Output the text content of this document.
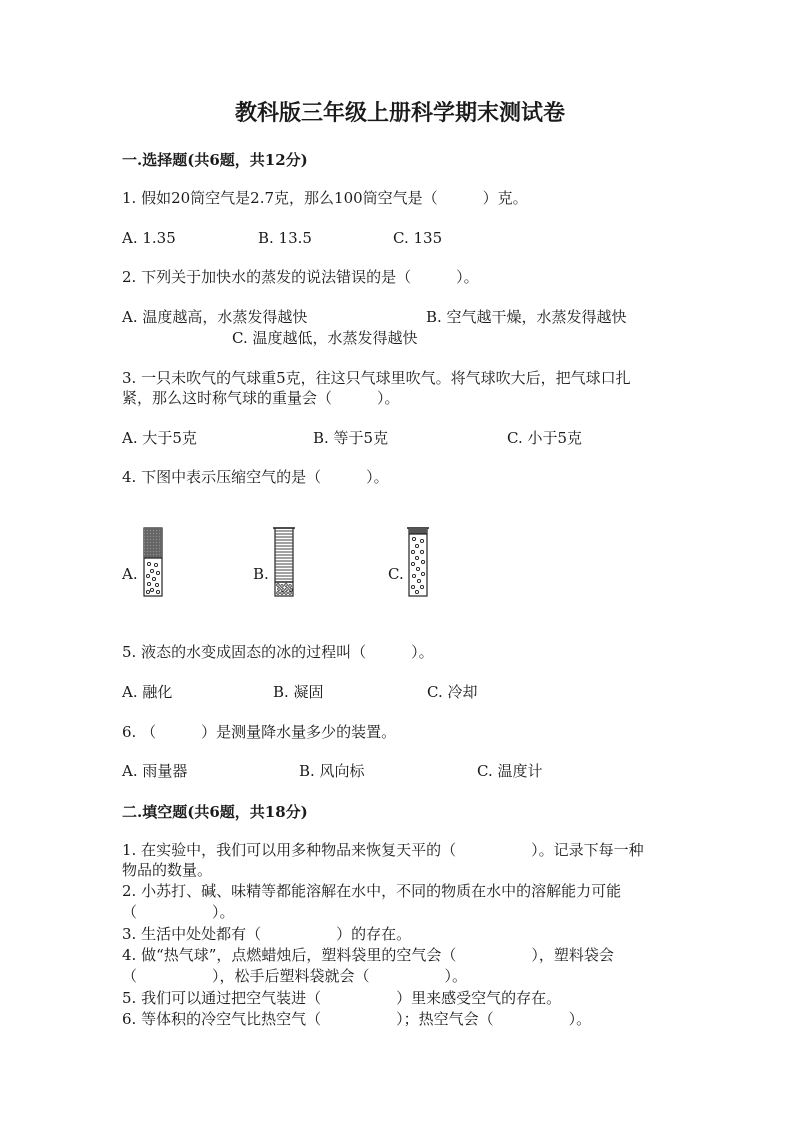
教科版三年级上册科学期末测试卷
一.选择题(共6题，共12分)
1. 假如20筒空气是2.7克，那么100筒空气是（　　　）克。
A. 1.35	B. 13.5	C. 135
2. 下列关于加快水的蒸发的说法错误的是（　　　）。
A. 温度越高，水蒸发得越快	B. 空气越干燥，水蒸发得越快
C. 温度越低，水蒸发得越快
3. 一只未吹气的气球重5克，往这只气球里吹气。将气球吹大后，把气球口扎
紧，那么这时称气球的重量会（　　　）。
A. 大于5克	B. 等于5克	C. 小于5克
4. 下图中表示压缩空气的是（　　　）。
A.	B.	C.
5. 液态的水变成固态的冰的过程叫（　　　）。
A. 融化	B. 凝固	C. 冷却
6. （　　　）是测量降水量多少的装置。
A. 雨量器	B. 风向标	C. 温度计
二.填空题(共6题，共18分)
1. 在实验中，我们可以用多种物品来恢复天平的（　　　　　）。记录下每一种
物品的数量。
2. 小苏打、碱、味精等都能溶解在水中，不同的物质在水中的溶解能力可能
（　　　　　）。
3. 生活中处处都有（　　　　　）的存在。
4. 做“热气球”，点燃蜡烛后，塑料袋里的空气会（　　　　　），塑料袋会
（　　　　　），松手后塑料袋就会（　　　　　）。
5. 我们可以通过把空气装进（　　　　　）里来感受空气的存在。
6. 等体积的冷空气比热空气（　　　　　）；热空气会（　　　　　）。
